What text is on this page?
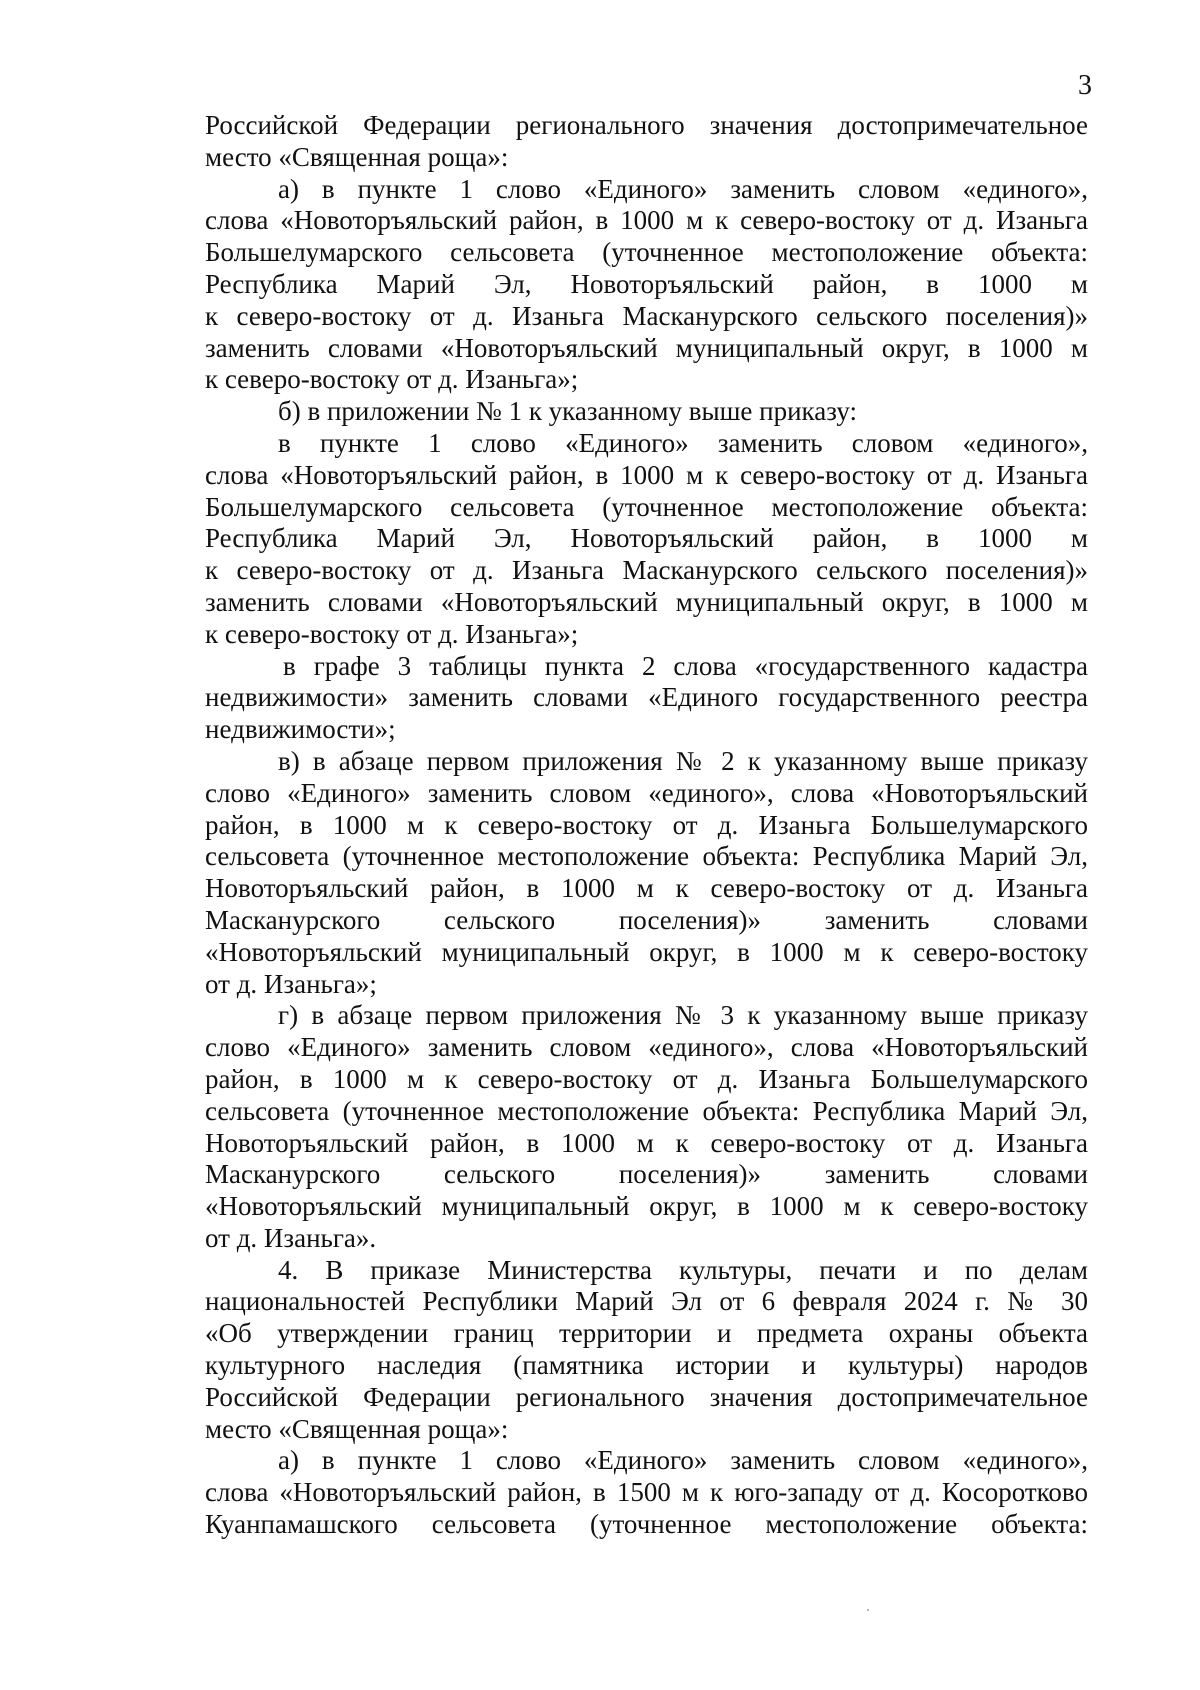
3
Российской Федерации регионального значения достопримечательное
место «Священная роща»:
а) в пункте 1 слово «Единого» заменить словом «единого»,
слова «Новоторъяльский район, в 1000 м к северо-востоку от д. Изаньга
Большелумарского сельсовета (уточненное местоположение объекта:
Республика Марий Эл, Новоторъяльский район, в 1000 м
к северо-востоку от д. Изаньга Масканурского сельского поселения)»
заменить словами «Новоторъяльский муниципальный округ, в 1000 м
к северо-востоку от д. Изаньга»;
б) в приложении № 1 к указанному выше приказу:
в пункте 1 слово «Единого» заменить словом «единого»,
слова «Новоторъяльский район, в 1000 м к северо-востоку от д. Изаньга
Большелумарского сельсовета (уточненное местоположение объекта:
Республика Марий Эл, Новоторъяльский район, в 1000 м
к северо-востоку от д. Изаньга Масканурского сельского поселения)»
заменить словами «Новоторъяльский муниципальный округ, в 1000 м
к северо-востоку от д. Изаньга»;
в графе 3 таблицы пункта 2 слова «государственного кадастра
недвижимости» заменить словами «Единого государственного реестра
недвижимости»;
в) в абзаце первом приложения № 2 к указанному выше приказу
слово «Единого» заменить словом «единого», слова «Новоторъяльский
район, в 1000 м к северо-востоку от д. Изаньга Большелумарского
сельсовета (уточненное местоположение объекта: Республика Марий Эл,
Новоторъяльский район, в 1000 м к северо-востоку от д. Изаньга
Масканурского сельского поселения)» заменить словами
«Новоторъяльский муниципальный округ, в 1000 м к северо-востоку
от д. Изаньга»;
г) в абзаце первом приложения № 3 к указанному выше приказу
слово «Единого» заменить словом «единого», слова «Новоторъяльский
район, в 1000 м к северо-востоку от д. Изаньга Большелумарского
сельсовета (уточненное местоположение объекта: Республика Марий Эл,
Новоторъяльский район, в 1000 м к северо-востоку от д. Изаньга
Масканурского сельского поселения)» заменить словами
«Новоторъяльский муниципальный округ, в 1000 м к северо-востоку
от д. Изаньга».
4. В приказе Министерства культуры, печати и по делам
национальностей Республики Марий Эл от 6 февраля 2024 г. № 30
«Об утверждении границ территории и предмета охраны объекта
культурного наследия (памятника истории и культуры) народов
Российской Федерации регионального значения достопримечательное
место «Священная роща»:
а) в пункте 1 слово «Единого» заменить словом «единого»,
слова «Новоторъяльский район, в 1500 м к юго-западу от д. Косоротково
Куанпамашского сельсовета (уточненное местоположение объекта:
